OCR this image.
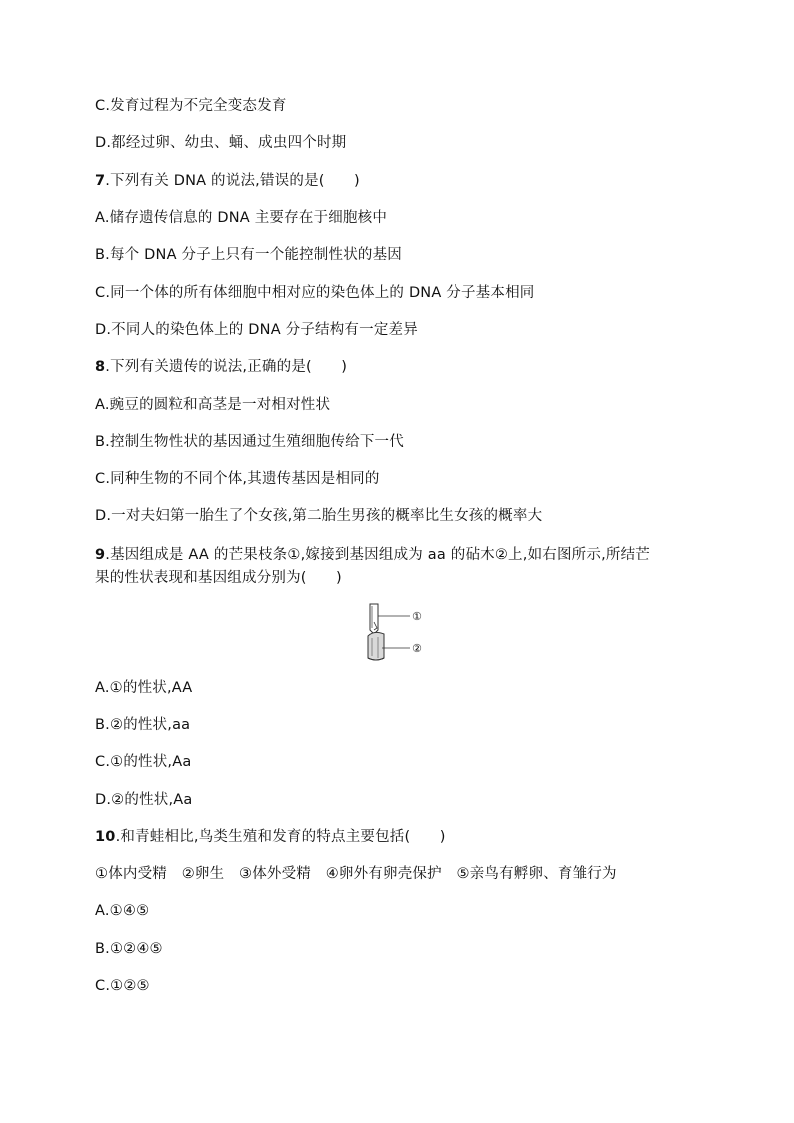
C.发育过程为不完全变态发育
D.都经过卵、幼虫、蛹、成虫四个时期
7.下列有关 DNA 的说法,错误的是(　　)
A.储存遗传信息的 DNA 主要存在于细胞核中
B.每个 DNA 分子上只有一个能控制性状的基因
C.同一个体的所有体细胞中相对应的染色体上的 DNA 分子基本相同
D.不同人的染色体上的 DNA 分子结构有一定差异
8.下列有关遗传的说法,正确的是(　　)
A.豌豆的圆粒和高茎是一对相对性状
B.控制生物性状的基因通过生殖细胞传给下一代
C.同种生物的不同个体,其遗传基因是相同的
D.一对夫妇第一胎生了个女孩,第二胎生男孩的概率比生女孩的概率大
9.基因组成是 AA 的芒果枝条①,嫁接到基因组成为 aa 的砧木②上,如右图所示,所结芒
果的性状表现和基因组成分别为(　　)
①
②
A.①的性状,AA
B.②的性状,aa
C.①的性状,Aa
D.②的性状,Aa
10.和青蛙相比,鸟类生殖和发育的特点主要包括(　　)
①体内受精　②卵生　③体外受精　④卵外有卵壳保护　⑤亲鸟有孵卵、育雏行为
A.①④⑤
B.①②④⑤
C.①②⑤
